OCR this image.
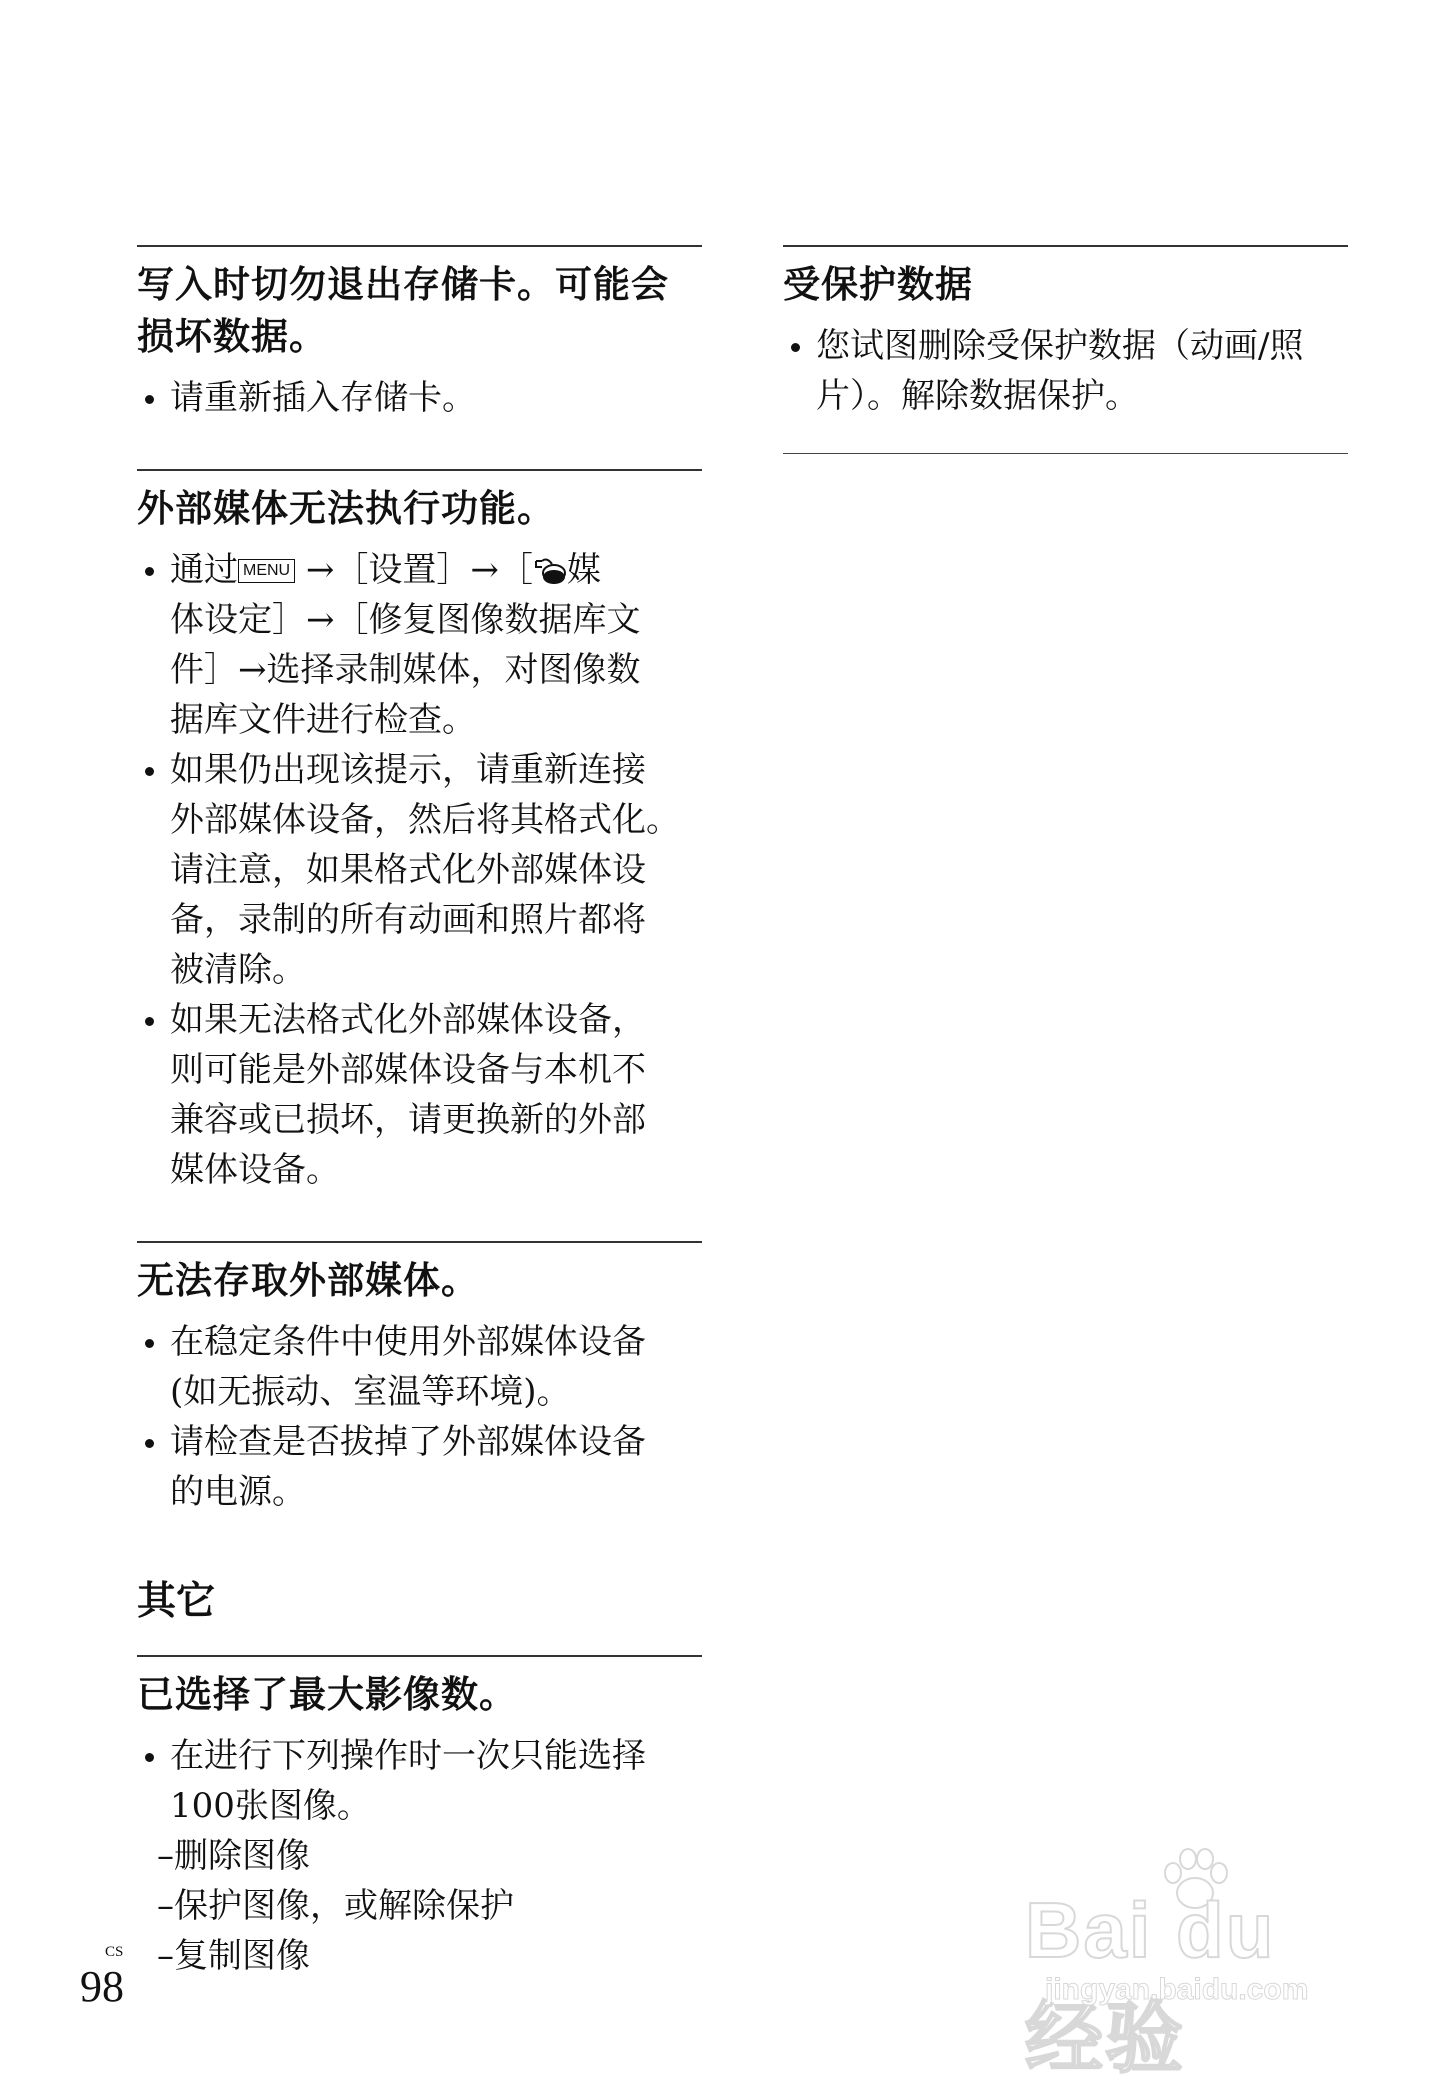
写入时切勿退出存储卡。可能会
损坏数据。
请重新插入存储卡。
外部媒体无法执行功能。
通过 MENU →［设置］→［ 媒
体设定］→［修复图像数据库文
件］→选择录制媒体，对图像数
据库文件进行检查。
如果仍出现该提示，请重新连接
外部媒体设备，然后将其格式化。
请注意，如果格式化外部媒体设
备，录制的所有动画和照片都将
被清除。
如果无法格式化外部媒体设备，
则可能是外部媒体设备与本机不
兼容或已损坏，请更换新的外部
媒体设备。
无法存取外部媒体。
在稳定条件中使用外部媒体设备
(如无振动、室温等环境)。
请检查是否拔掉了外部媒体设备
的电源。
其它
已选择了最大影像数。
在进行下列操作时一次只能选择
100张图像。
–删除图像
–保护图像，或解除保护
–复制图像
受保护数据
您试图删除受保护数据（动画/照
片）。解除数据保护。
CS
98
Bai du 经验
jingyan.baidu.com
